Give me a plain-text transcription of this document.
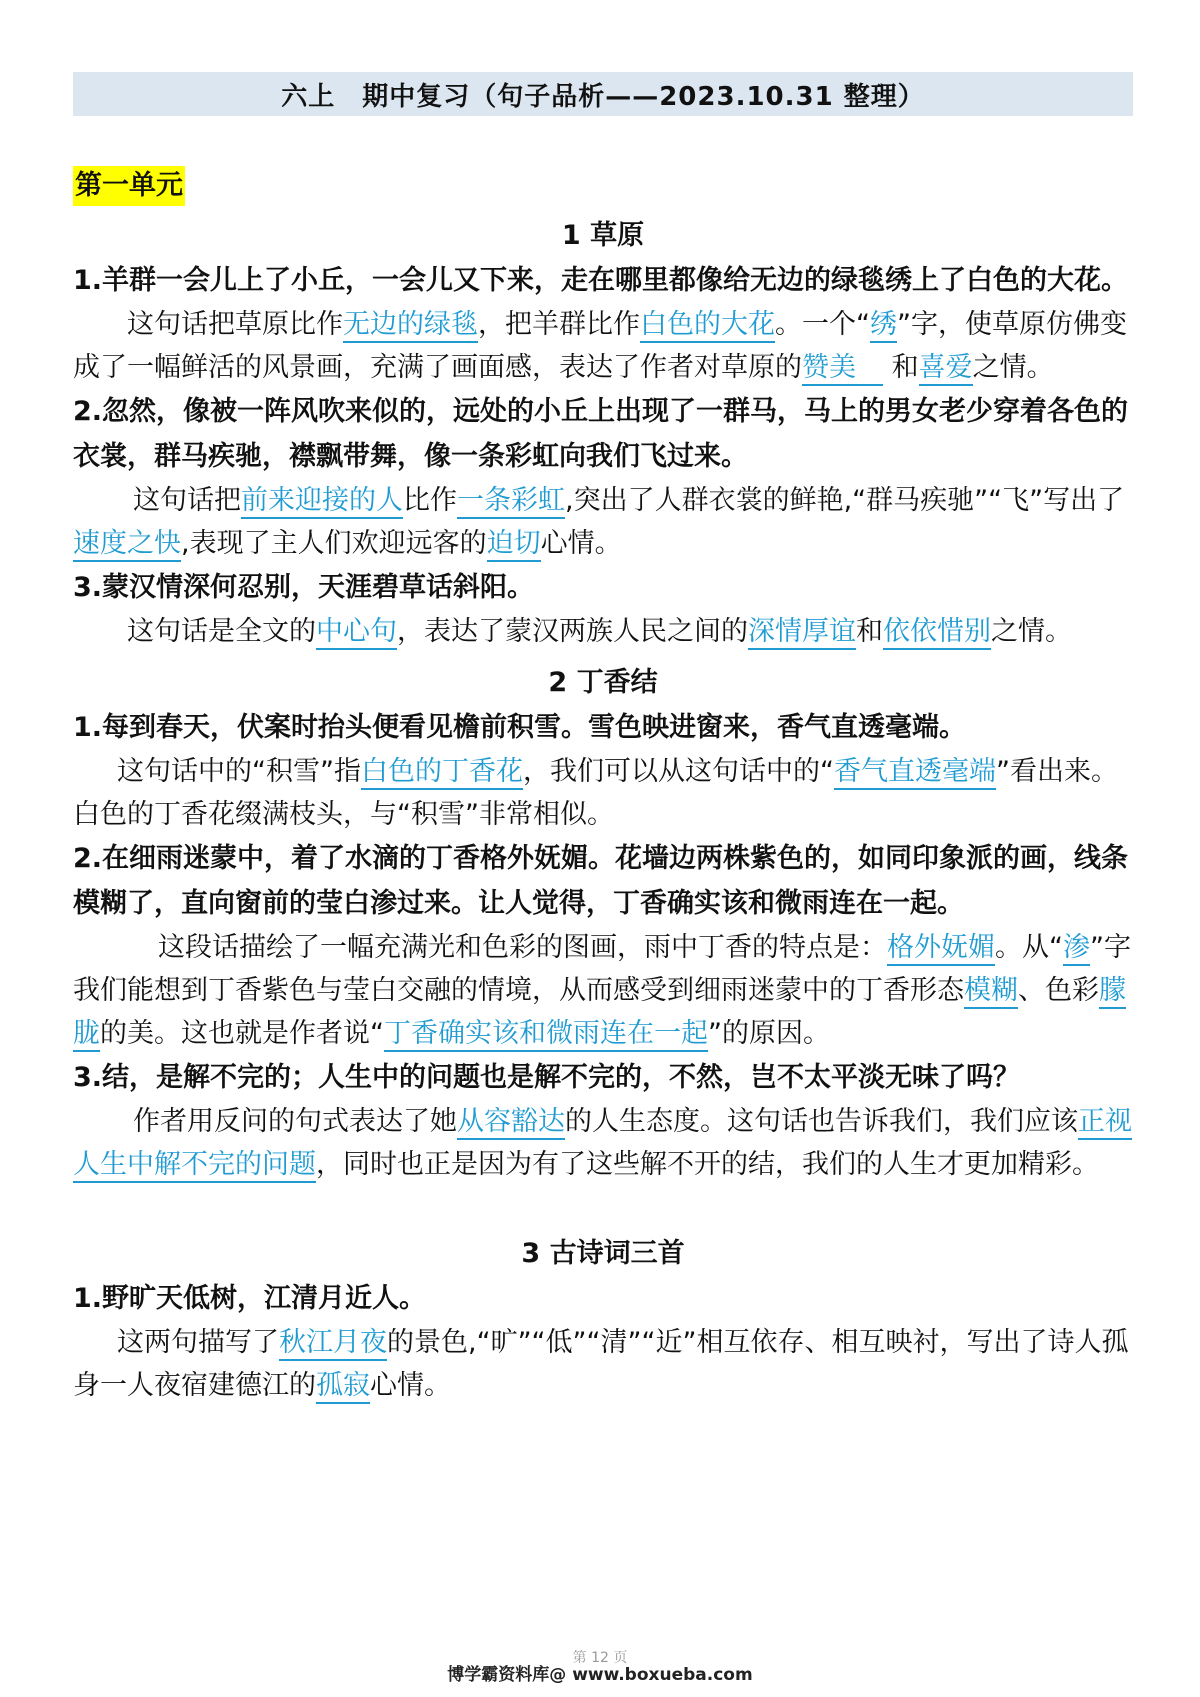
六上　期中复习（句子品析——2023.10.31 整理）
第一单元
1 草原

1.羊群一会儿上了小丘，一会儿又下来，走在哪里都像给无边的绿毯绣上了白色的大花。

这句话把草原比作无边的绿毯，把羊群比作白色的大花。一个“绣”字，使草原仿佛变成了一幅鲜活的风景画，充满了画面感，表达了作者对草原的赞美　 和喜爱之情。

2.忽然，像被一阵风吹来似的，远处的小丘上出现了一群马，马上的男女老少穿着各色的衣裳，群马疾驰，襟飘带舞，像一条彩虹向我们飞过来。

这句话把前来迎接的人比作一条彩虹,突出了人群衣裳的鲜艳,“群马疾驰”“飞”写出了速度之快,表现了主人们欢迎远客的迫切心情。

3.蒙汉情深何忍别，天涯碧草话斜阳。

这句话是全文的中心句，表达了蒙汉两族人民之间的深情厚谊和依依惜别之情。

2 丁香结

1.每到春天，伏案时抬头便看见檐前积雪。雪色映进窗来，香气直透毫端。

这句话中的“积雪”指白色的丁香花，我们可以从这句话中的“香气直透毫端”看出来。白色的丁香花缀满枝头，与“积雪”非常相似。

2.在细雨迷蒙中，着了水滴的丁香格外妩媚。花墙边两株紫色的，如同印象派的画，线条模糊了，直向窗前的莹白渗过来。让人觉得，丁香确实该和微雨连在一起。

这段话描绘了一幅充满光和色彩的图画，雨中丁香的特点是：格外妩媚。从“渗”字我们能想到丁香紫色与莹白交融的情境，从而感受到细雨迷蒙中的丁香形态模糊、色彩朦胧的美。这也就是作者说“丁香确实该和微雨连在一起”的原因。

3.结，是解不完的；人生中的问题也是解不完的，不然，岂不太平淡无味了吗？

作者用反问的句式表达了她从容豁达的人生态度。这句话也告诉我们，我们应该正视人生中解不完的问题，同时也正是因为有了这些解不开的结，我们的人生才更加精彩。

3 古诗词三首

1.野旷天低树，江清月近人。

这两句描写了秋江月夜的景色,“旷”“低”“清”“近”相互依存、相互映衬，写出了诗人孤身一人夜宿建德江的孤寂心情。

第 12 页
博学霸资料库@ www.boxueba.com
